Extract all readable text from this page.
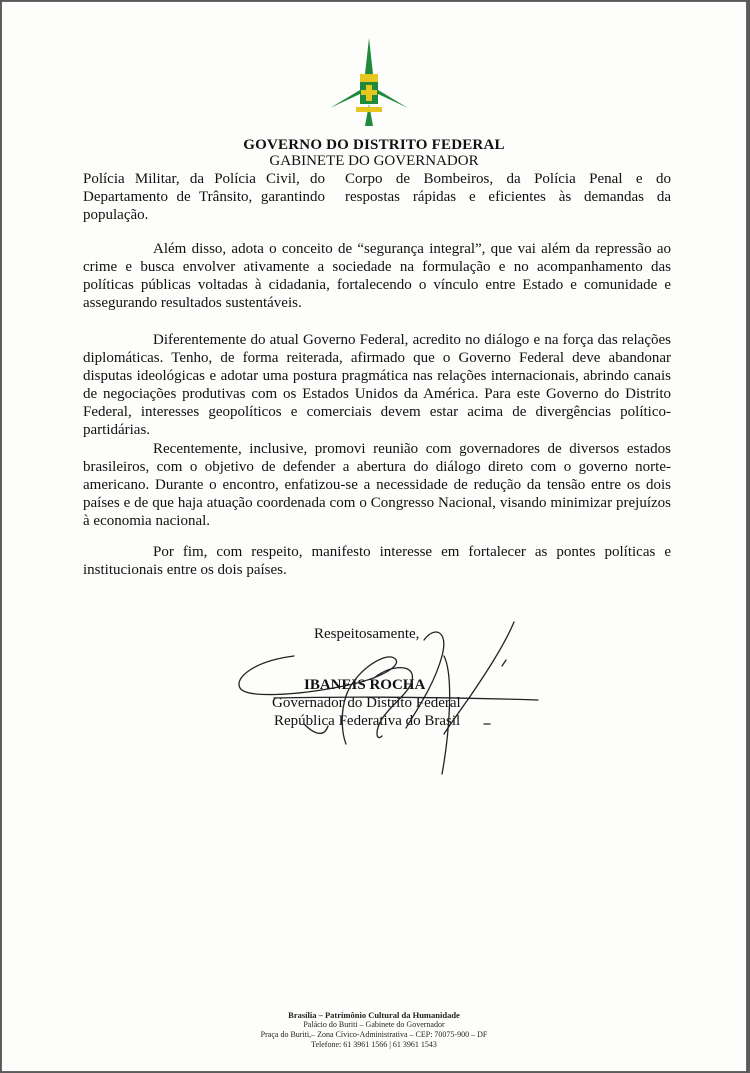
GOVERNO DO DISTRITO FEDERAL
GABINETE DO GOVERNADOR
Polícia Militar, da Polícia Civil, do Corpo de Bombeiros, da Polícia Penal e do
Departamento de Trânsito, garantindo respostas rápidas e eficientes às demandas da
população.

Além disso, adota o conceito de “segurança integral”, que vai além da repressão ao crime e busca envolver ativamente a sociedade na formulação e no acompanhamento das políticas públicas voltadas à cidadania, fortalecendo o vínculo entre Estado e comunidade e assegurando resultados sustentáveis.

Diferentemente do atual Governo Federal, acredito no diálogo e na força das relações diplomáticas. Tenho, de forma reiterada, afirmado que o Governo Federal deve abandonar disputas ideológicas e adotar uma postura pragmática nas relações internacionais, abrindo canais de negociações produtivas com os Estados Unidos da América. Para este Governo do Distrito Federal, interesses geopolíticos e comerciais devem estar acima de divergências político-partidárias.

Recentemente, inclusive, promovi reunião com governadores de diversos estados brasileiros, com o objetivo de defender a abertura do diálogo direto com o governo norte-americano. Durante o encontro, enfatizou-se a necessidade de redução da tensão entre os dois países e de que haja atuação coordenada com o Congresso Nacional, visando minimizar prejuízos à economia nacional.

Por fim, com respeito, manifesto interesse em fortalecer as pontes políticas e institucionais entre os dois países.

Respeitosamente,
IBANEIS ROCHA
Governador do Distrito Federal
República Federativa do Brasil
Brasília – Patrimônio Cultural da Humanidade
Palácio do Buriti – Gabinete do Governador
Praça do Buriti,– Zona Cívico-Administrativa – CEP: 70075-900 – DF
Telefone: 61 3961 1566 | 61 3961 1543
